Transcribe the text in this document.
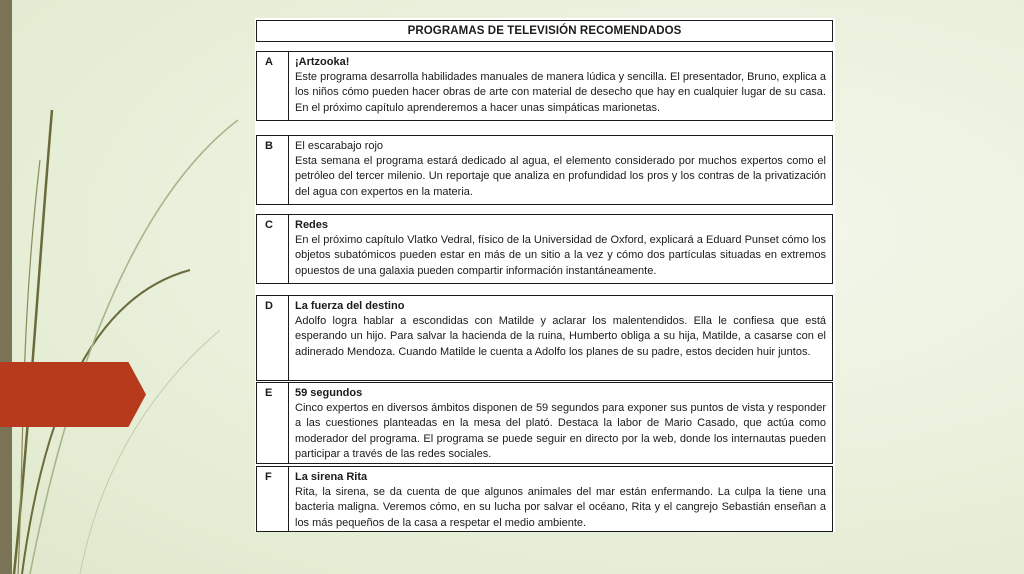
PROGRAMAS DE TELEVISIÓN RECOMENDADOS
A	¡Artzooka!
Este programa desarrolla habilidades manuales de manera lúdica y sencilla. El presentador, Bruno, explica a los niños cómo pueden hacer obras de arte con material de desecho que hay en cualquier lugar de su casa. En el próximo capítulo aprenderemos a hacer unas simpáticas marionetas.
B	El escarabajo rojo
Esta semana el programa estará dedicado al agua, el elemento considerado por muchos expertos como el petróleo del tercer milenio. Un reportaje que analiza en profundidad los pros y los contras de la privatización del agua con expertos en la materia.
C	Redes
En el próximo capítulo Vlatko Vedral, físico de la Universidad de Oxford, explicará a Eduard Punset cómo los objetos subatómicos pueden estar en más de un sitio a la vez y cómo dos partículas situadas en extremos opuestos de una galaxia pueden compartir información instantáneamente.
D	La fuerza del destino
Adolfo logra hablar a escondidas con Matilde y aclarar los malentendidos. Ella le confiesa que está esperando un hijo. Para salvar la hacienda de la ruina, Humberto obliga a su hija, Matilde, a casarse con el adinerado Mendoza. Cuando Matilde le cuenta a Adolfo los planes de su padre, estos deciden huir juntos.
E	59 segundos
Cinco expertos en diversos ámbitos disponen de 59 segundos para exponer sus puntos de vista y responder a las cuestiones planteadas en la mesa del plató. Destaca la labor de Mario Casado, que actúa como moderador del programa. El programa se puede seguir en directo por la web, donde los internautas pueden participar a través de las redes sociales.
F	La sirena Rita
Rita, la sirena, se da cuenta de que algunos animales del mar están enfermando. La culpa la tiene una bacteria maligna. Veremos cómo, en su lucha por salvar el océano, Rita y el cangrejo Sebastián enseñan a los más pequeños de la casa a respetar el medio ambiente.
